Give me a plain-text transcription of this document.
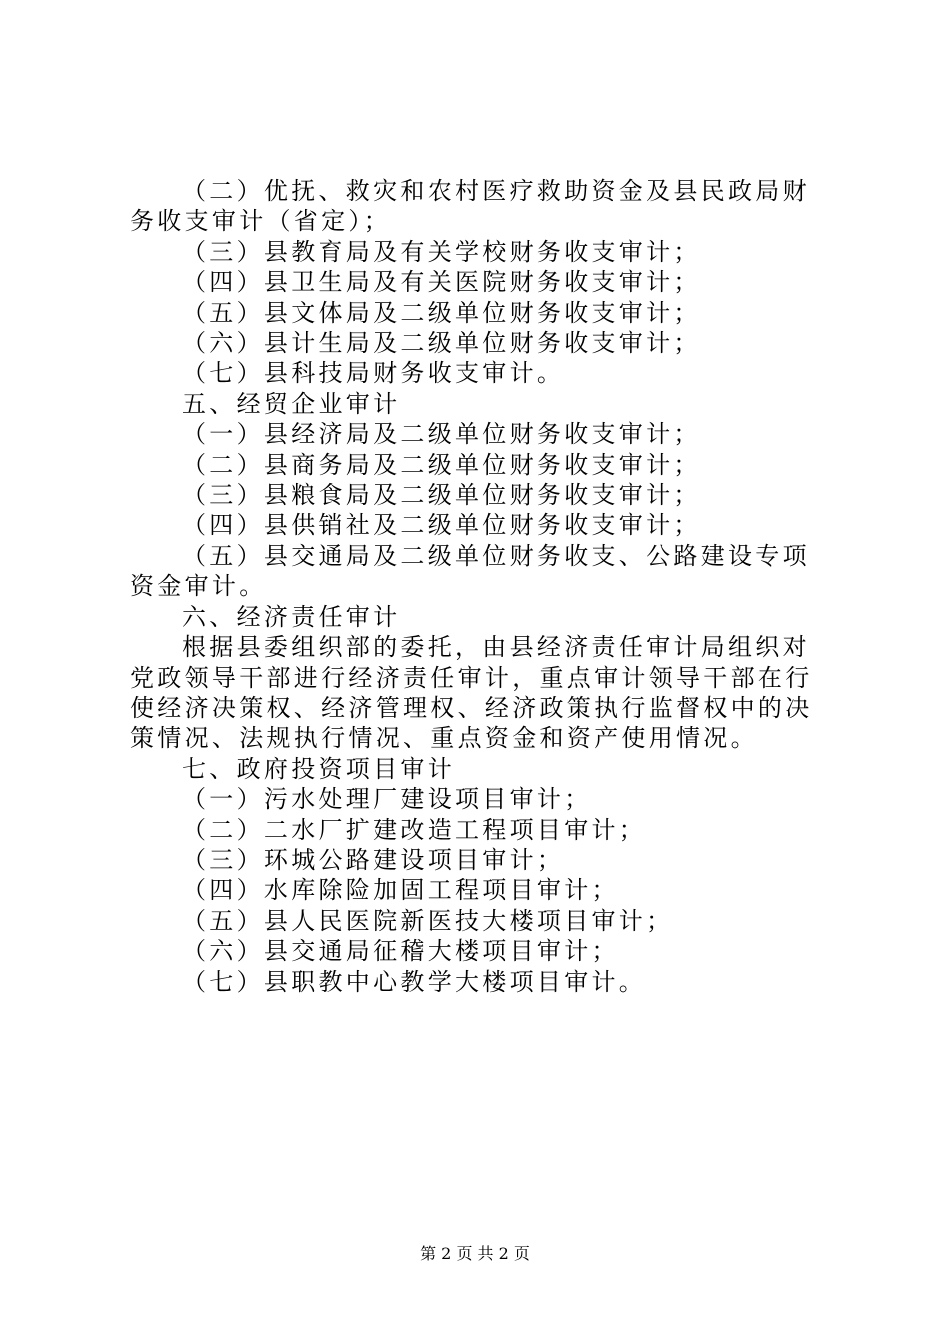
（二）优抚、救灾和农村医疗救助资金及县民政局财务收支审计（省定）；

（三）县教育局及有关学校财务收支审计；

（四）县卫生局及有关医院财务收支审计；

（五）县文体局及二级单位财务收支审计；

（六）县计生局及二级单位财务收支审计；

（七）县科技局财务收支审计。

五、经贸企业审计

（一）县经济局及二级单位财务收支审计；

（二）县商务局及二级单位财务收支审计；

（三）县粮食局及二级单位财务收支审计；

（四）县供销社及二级单位财务收支审计；

（五）县交通局及二级单位财务收支、公路建设专项资金审计。

六、经济责任审计

根据县委组织部的委托，由县经济责任审计局组织对党政领导干部进行经济责任审计，重点审计领导干部在行使经济决策权、经济管理权、经济政策执行监督权中的决策情况、法规执行情况、重点资金和资产使用情况。

七、政府投资项目审计

（一）污水处理厂建设项目审计；

（二）二水厂扩建改造工程项目审计；

（三）环城公路建设项目审计；

（四）水库除险加固工程项目审计；

（五）县人民医院新医技大楼项目审计；

（六）县交通局征稽大楼项目审计；

（七）县职教中心教学大楼项目审计。

第 2 页 共 2 页
